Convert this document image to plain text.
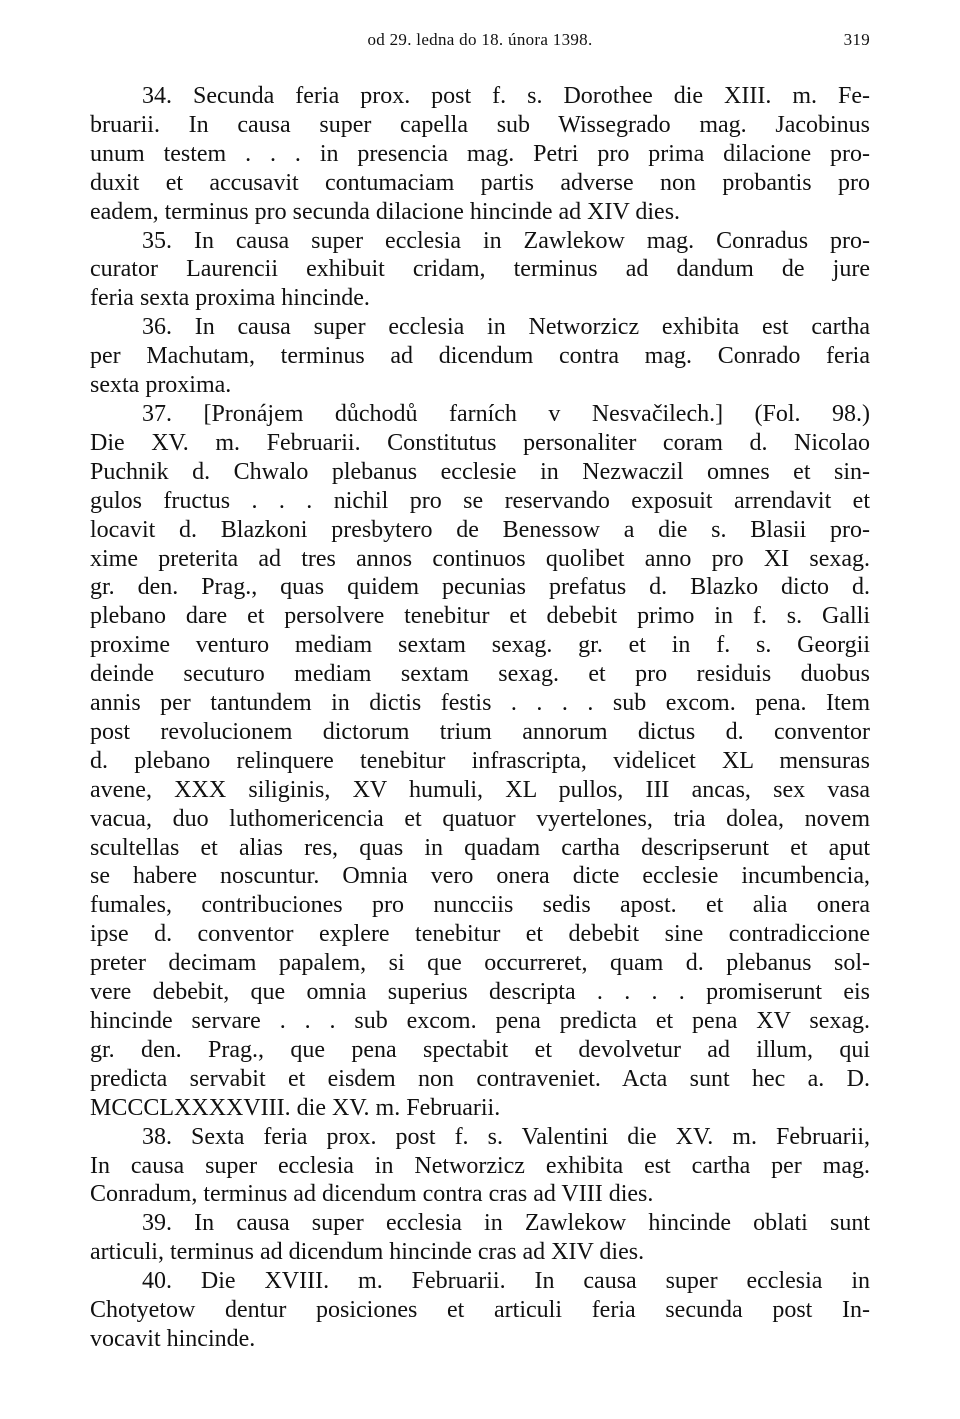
od 29. ledna do 18. února 1398.	319
34. Secunda feria prox. post f. s. Dorothee die XIII. m. Fe-
bruarii. In causa super capella sub Wissegrado mag. Jacobinus
unum testem . . . in presencia mag. Petri pro prima dilacione pro-
duxit et accusavit contumaciam partis adverse non probantis pro
eadem, terminus pro secunda dilacione hincinde ad XIV dies.
35. In causa super ecclesia in Zawlekow mag. Conradus pro-
curator Laurencii exhibuit cridam, terminus ad dandum de jure
feria sexta proxima hincinde.
36. In causa super ecclesia in Networzicz exhibita est cartha
per Machutam, terminus ad dicendum contra mag. Conrado feria
sexta proxima.
37. [Pronájem důchodů farních v Nesvačilech.] (Fol. 98.)
Die XV. m. Februarii. Constitutus personaliter coram d. Nicolao
Puchnik d. Chwalo plebanus ecclesie in Nezwaczil omnes et sin-
gulos fructus . . . nichil pro se reservando exposuit arrendavit et
locavit d. Blazkoni presbytero de Benessow a die s. Blasii pro-
xime preterita ad tres annos continuos quolibet anno pro XI sexag.
gr. den. Prag., quas quidem pecunias prefatus d. Blazko dicto d.
plebano dare et persolvere tenebitur et debebit primo in f. s. Galli
proxime venturo mediam sextam sexag. gr. et in f. s. Georgii
deinde secuturo mediam sextam sexag. et pro residuis duobus
annis per tantundem in dictis festis . . . . sub excom. pena. Item
post revolucionem dictorum trium annorum dictus d. conventor
d. plebano relinquere tenebitur infrascripta, videlicet XL mensuras
avene, XXX siliginis, XV humuli, XL pullos, III ancas, sex vasa
vacua, duo luthomericencia et quatuor vyertelones, tria dolea, novem
scultellas et alias res, quas in quadam cartha descripserunt et aput
se habere noscuntur. Omnia vero onera dicte ecclesie incumbencia,
fumales, contribuciones pro nuncciis sedis apost. et alia onera
ipse d. conventor explere tenebitur et debebit sine contradiccione
preter decimam papalem, si que occurreret, quam d. plebanus sol-
vere debebit, que omnia superius descripta . . . . promiserunt eis
hincinde servare . . . sub excom. pena predicta et pena XV sexag.
gr. den. Prag., que pena spectabit et devolvetur ad illum, qui
predicta servabit et eisdem non contraveniet. Acta sunt hec a. D.
MCCCLXXXXVIII. die XV. m. Februarii.
38. Sexta feria prox. post f. s. Valentini die XV. m. Februarii,
In causa super ecclesia in Networzicz exhibita est cartha per mag.
Conradum, terminus ad dicendum contra cras ad VIII dies.
39. In causa super ecclesia in Zawlekow hincinde oblati sunt
articuli, terminus ad dicendum hincinde cras ad XIV dies.
40. Die XVIII. m. Februarii. In causa super ecclesia in
Chotyetow dentur posiciones et articuli feria secunda post In-
vocavit hincinde.
